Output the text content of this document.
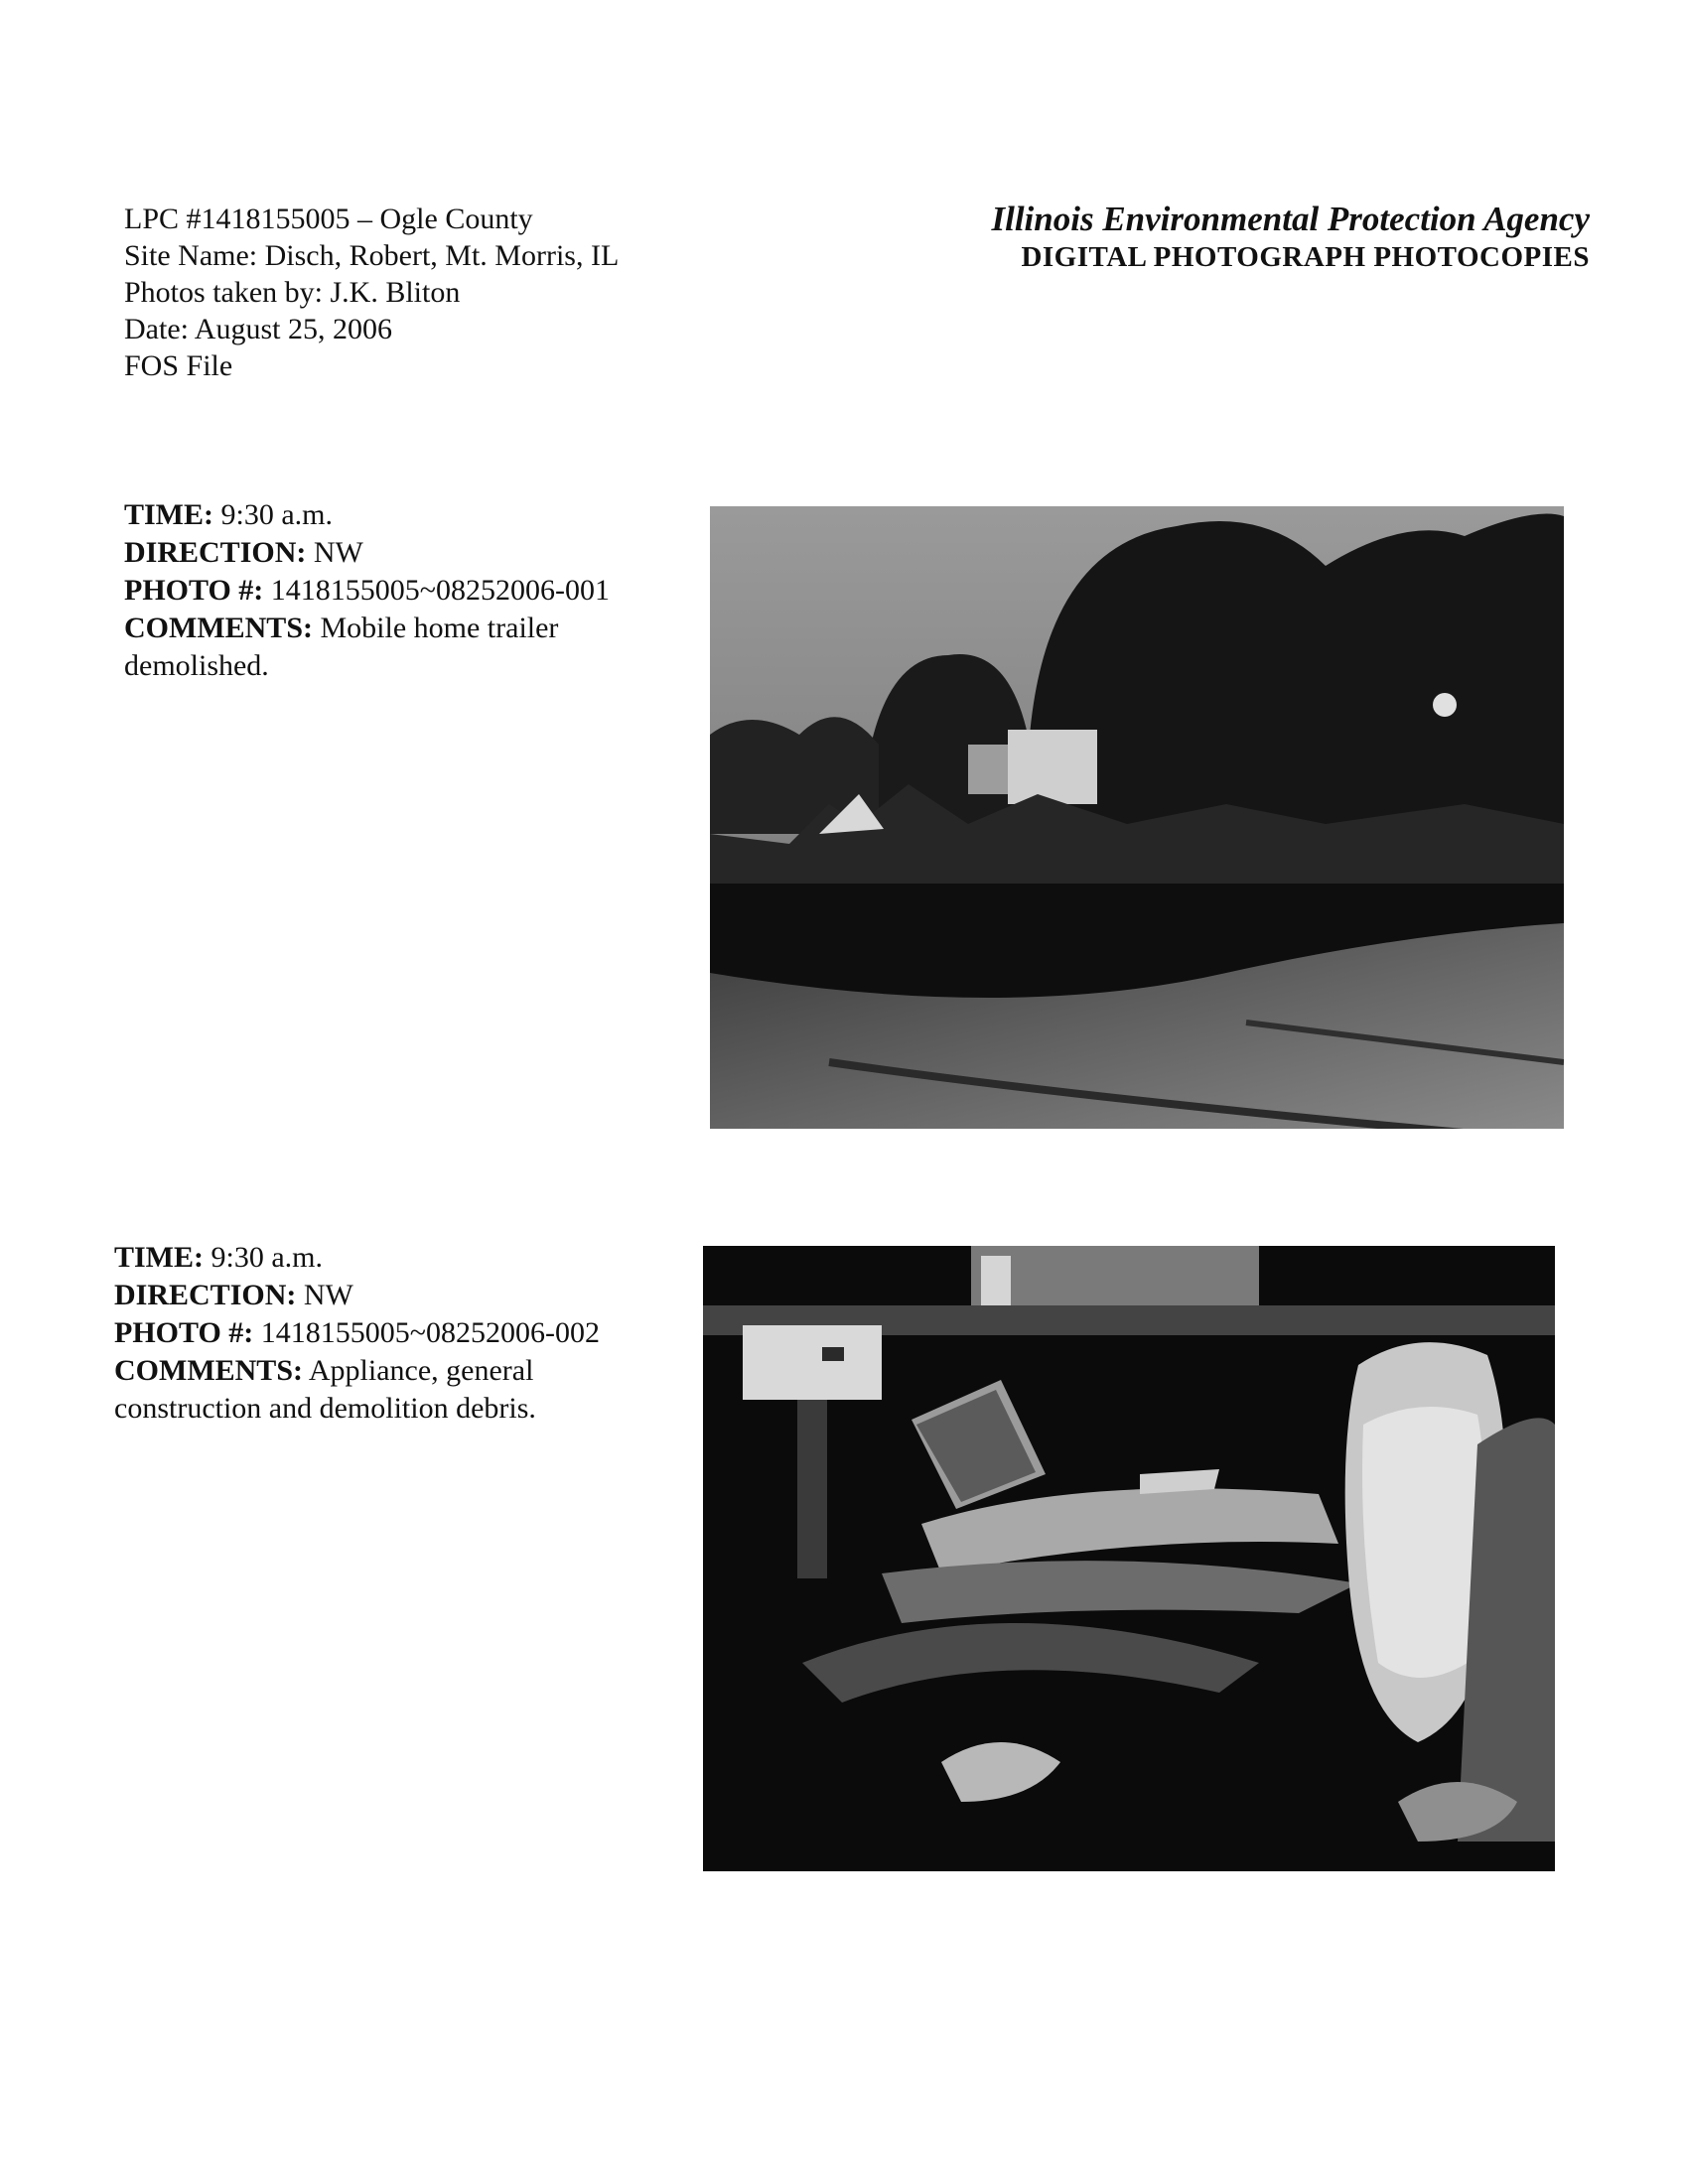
LPC #1418155005 – Ogle County
Site Name: Disch, Robert, Mt. Morris, IL
Photos taken by: J.K. Bliton
Date: August 25, 2006
FOS File
Illinois Environmental Protection Agency
DIGITAL PHOTOGRAPH PHOTOCOPIES
TIME: 9:30 a.m.
DIRECTION: NW
PHOTO #: 1418155005~08252006-001
COMMENTS: Mobile home trailer demolished.
TIME: 9:30 a.m.
DIRECTION: NW
PHOTO #: 1418155005~08252006-002
COMMENTS: Appliance, general construction and demolition debris.
